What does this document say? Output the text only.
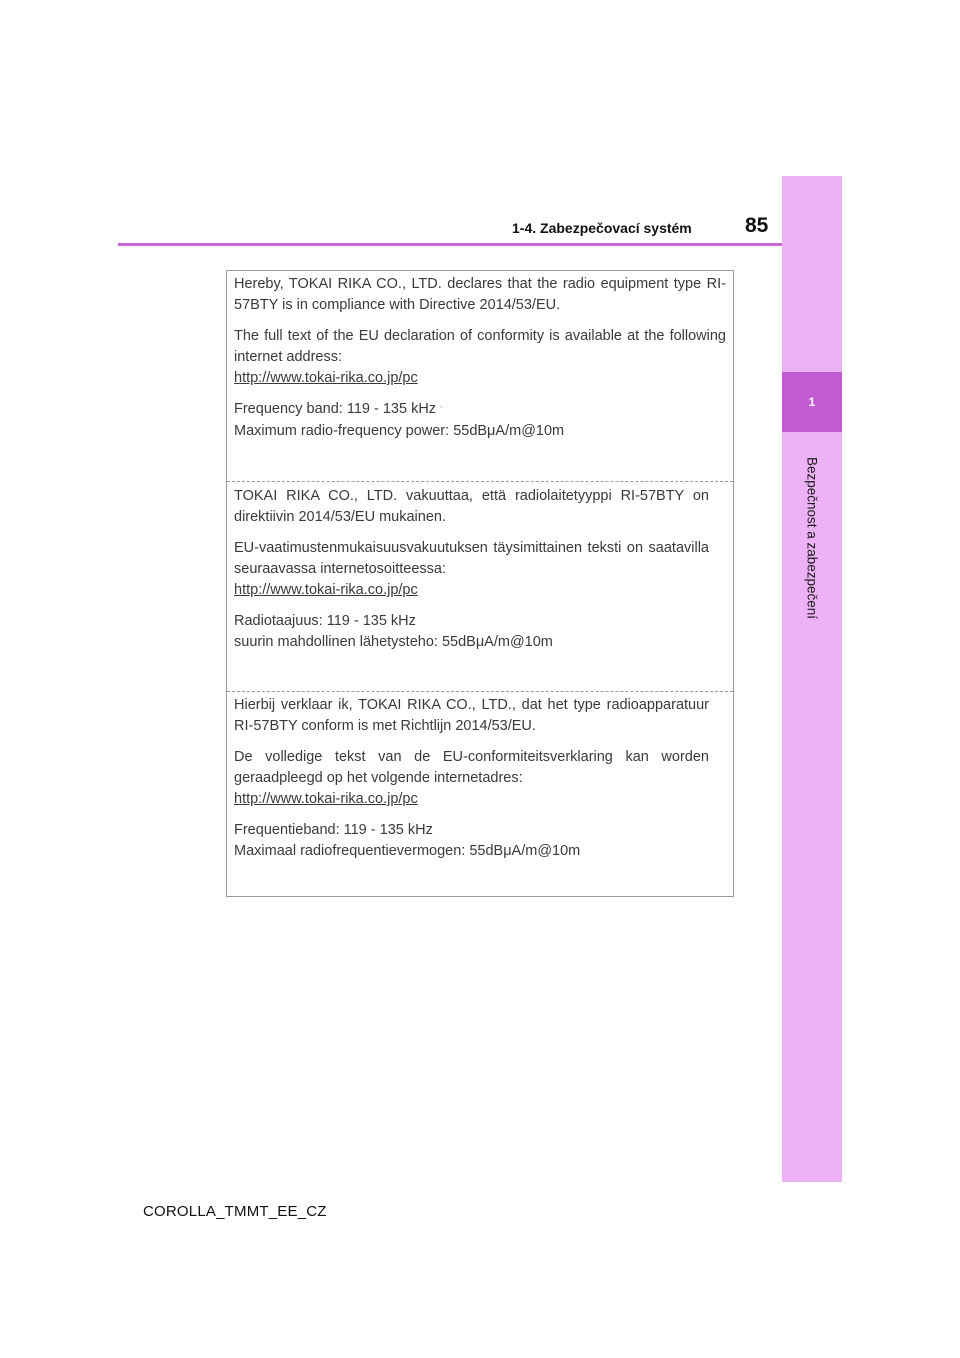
1-4. Zabezpečovací systém	85
1
Bezpečnost a zabezpečení

Hereby, TOKAI RIKA CO., LTD. declares that the radio equipment type RI-57BTY is in compliance with Directive 2014/53/EU.

The full text of the EU declaration of conformity is available at the following internet address:

http://www.tokai-rika.co.jp/pc

Frequency band: 119 - 135 kHz ˇ

Maximum radio-frequency power: 55dBμA/m@10m

TOKAI RIKA CO., LTD. vakuuttaa, että radiolaitetyyppi RI-57BTY on direktiivin 2014/53/EU mukainen.

EU-vaatimustenmukaisuusvakuutuksen täysimittainen teksti on saatavilla seuraavassa internetosoitteessa:

http://www.tokai-rika.co.jp/pc

Radiotaajuus: 119 - 135 kHz

suurin mahdollinen lähetysteho: 55dBμA/m@10m

Hierbij verklaar ik, TOKAI RIKA CO., LTD., dat het type radioapparatuur RI-57BTY conform is met Richtlijn 2014/53/EU.

De volledige tekst van de EU-conformiteitsverklaring kan worden geraadpleegd op het volgende internetadres:

http://www.tokai-rika.co.jp/pc

Frequentieband: 119 - 135 kHz

Maximaal radiofrequentievermogen: 55dBμA/m@10m

COROLLA_TMMT_EE_CZ
